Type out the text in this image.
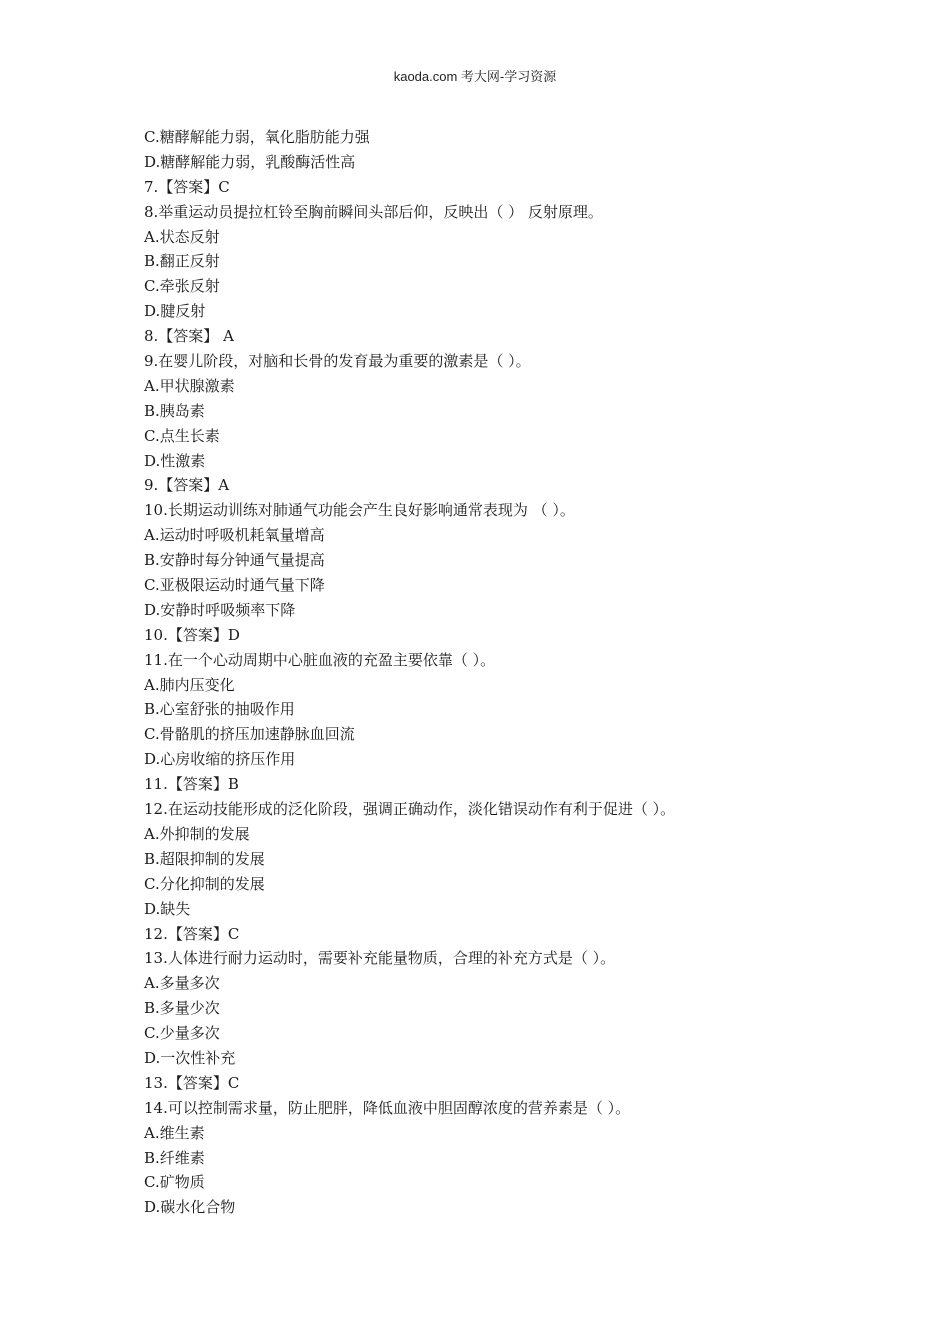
kaoda.com 考大网-学习资源
C.糖酵解能力弱，氧化脂肪能力强
D.糖酵解能力弱，乳酸酶活性高
7.【答案】C
8.举重运动员提拉杠铃至胸前瞬间头部后仰，反映出（ ） 反射原理。
A.状态反射
B.翻正反射
C.牵张反射
D.腱反射
8.【答案】 A
9.在婴儿阶段，对脑和长骨的发育最为重要的激素是（ ）。
A.甲状腺激素
B.胰岛素
C.点生长素
D.性激素
9.【答案】A
10.长期运动训练对肺通气功能会产生良好影响通常表现为 （ ）。
A.运动时呼吸机耗氧量增高
B.安静时每分钟通气量提高
C.亚极限运动时通气量下降
D.安静时呼吸频率下降
10.【答案】D
11.在一个心动周期中心脏血液的充盈主要依靠（ ）。
A.肺内压变化
B.心室舒张的抽吸作用
C.骨骼肌的挤压加速静脉血回流
D.心房收缩的挤压作用
11.【答案】B
12.在运动技能形成的泛化阶段，强调正确动作，淡化错误动作有利于促进（ ）。
A.外抑制的发展
B.超限抑制的发展
C.分化抑制的发展
D.缺失
12.【答案】C
13.人体进行耐力运动时，需要补充能量物质，合理的补充方式是（ ）。
A.多量多次
B.多量少次
C.少量多次
D.一次性补充
13.【答案】C
14.可以控制需求量，防止肥胖，降低血液中胆固醇浓度的营养素是（ ）。
A.维生素
B.纤维素
C.矿物质
D.碳水化合物
